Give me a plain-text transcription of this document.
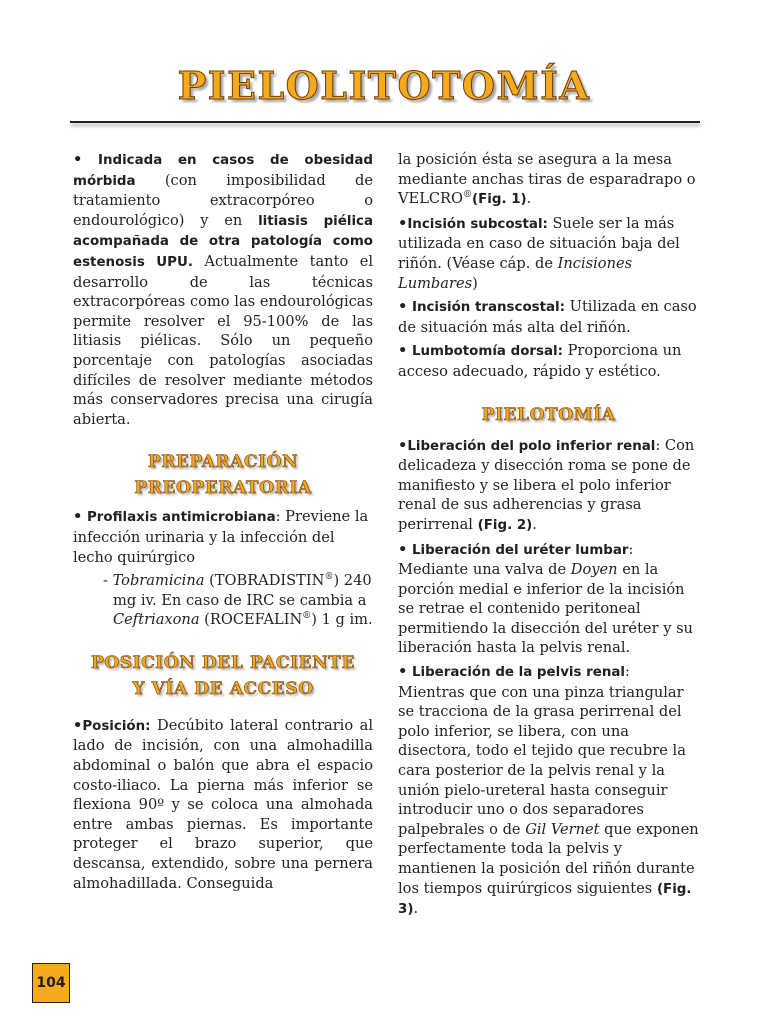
PIELOLITOTOMÍA

• Indicada en casos de obesidad mórbida (con imposibilidad de tratamiento extracorpóreo o endourológico) y en litiasis piélica acompañada de otra patología como estenosis UPU. Actualmente tanto el desarrollo de las técnicas extracorpóreas como las endourológicas permite resolver el 95-100% de las litiasis piélicas. Sólo un pequeño porcentaje con patologías asociadas difíciles de resolver mediante métodos más conservadores precisa una cirugía abierta.

PREPARACIÓN

PREOPERATORIA

• Profilaxis antimicrobiana: Previene la infección urinaria y la infección del lecho quirúrgico

- Tobramicina (TOBRADISTIN®) 240 mg iv. En caso de IRC se cambia a Ceftriaxona (ROCEFALIN®) 1 g im.

POSICIÓN DEL PACIENTE

Y VÍA DE ACCESO

•Posición: Decúbito lateral contrario al lado de incisión, con una almohadilla abdominal o balón que abra el espacio costo-iliaco. La pierna más inferior se flexiona 90º y se coloca una almohada entre ambas piernas. Es importante proteger el brazo superior, que descansa, extendido, sobre una pernera almohadillada. Conseguida

la posición ésta se asegura a la mesa mediante anchas tiras de esparadrapo o VELCRO®(Fig. 1).

•Incisión subcostal: Suele ser la más utilizada en caso de situación baja del riñón. (Véase cáp. de Incisiones Lumbares)

• Incisión transcostal: Utilizada en caso de situación más alta del riñón.

• Lumbotomía dorsal: Proporciona un acceso adecuado, rápido y estético.

PIELOTOMÍA

•Liberación del polo inferior renal: Con delicadeza y disección roma se pone de manifiesto y se libera el polo inferior renal de sus adherencias y grasa perirrenal (Fig. 2).

• Liberación del uréter lumbar: Mediante una valva de Doyen en la porción medial e inferior de la incisión se retrae el contenido peritoneal permitiendo la disección del uréter y su liberación hasta la pelvis renal.

• Liberación de la pelvis renal: Mientras que con una pinza triangular se tracciona de la grasa perirrenal del polo inferior, se libera, con una disectora, todo el tejido que recubre la cara posterior de la pelvis renal y la unión pielo-ureteral hasta conseguir introducir uno o dos separadores palpebrales o de Gil Vernet que exponen perfectamente toda la pelvis y mantienen la posición del riñón durante los tiempos quirúrgicos siguientes (Fig. 3).

104
